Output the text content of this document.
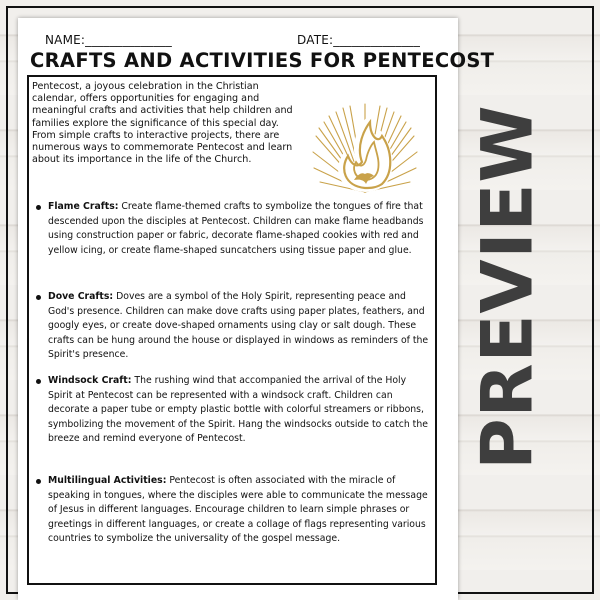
NAME:______________	DATE:______________
CRAFTS AND ACTIVITIES FOR PENTECOST
Pentecost, a joyous celebration in the Christian calendar, offers opportunities for engaging and meaningful crafts and activities that help children and families explore the significance of this special day. From simple crafts to interactive projects, there are numerous ways to commemorate Pentecost and learn about its importance in the life of the Church.
Flame Crafts: Create flame-themed crafts to symbolize the tongues of fire that descended upon the disciples at Pentecost. Children can make flame headbands using construction paper or fabric, decorate flame-shaped cookies with red and yellow icing, or create flame-shaped suncatchers using tissue paper and glue.
Dove Crafts: Doves are a symbol of the Holy Spirit, representing peace and God's presence. Children can make dove crafts using paper plates, feathers, and googly eyes, or create dove-shaped ornaments using clay or salt dough. These crafts can be hung around the house or displayed in windows as reminders of the Spirit's presence.
Windsock Craft: The rushing wind that accompanied the arrival of the Holy Spirit at Pentecost can be represented with a windsock craft. Children can decorate a paper tube or empty plastic bottle with colorful streamers or ribbons, symbolizing the movement of the Spirit. Hang the windsocks outside to catch the breeze and remind everyone of Pentecost.
Multilingual Activities: Pentecost is often associated with the miracle of speaking in tongues, where the disciples were able to communicate the message of Jesus in different languages. Encourage children to learn simple phrases or greetings in different languages, or create a collage of flags representing various countries to symbolize the universality of the gospel message.
PREVIEW
